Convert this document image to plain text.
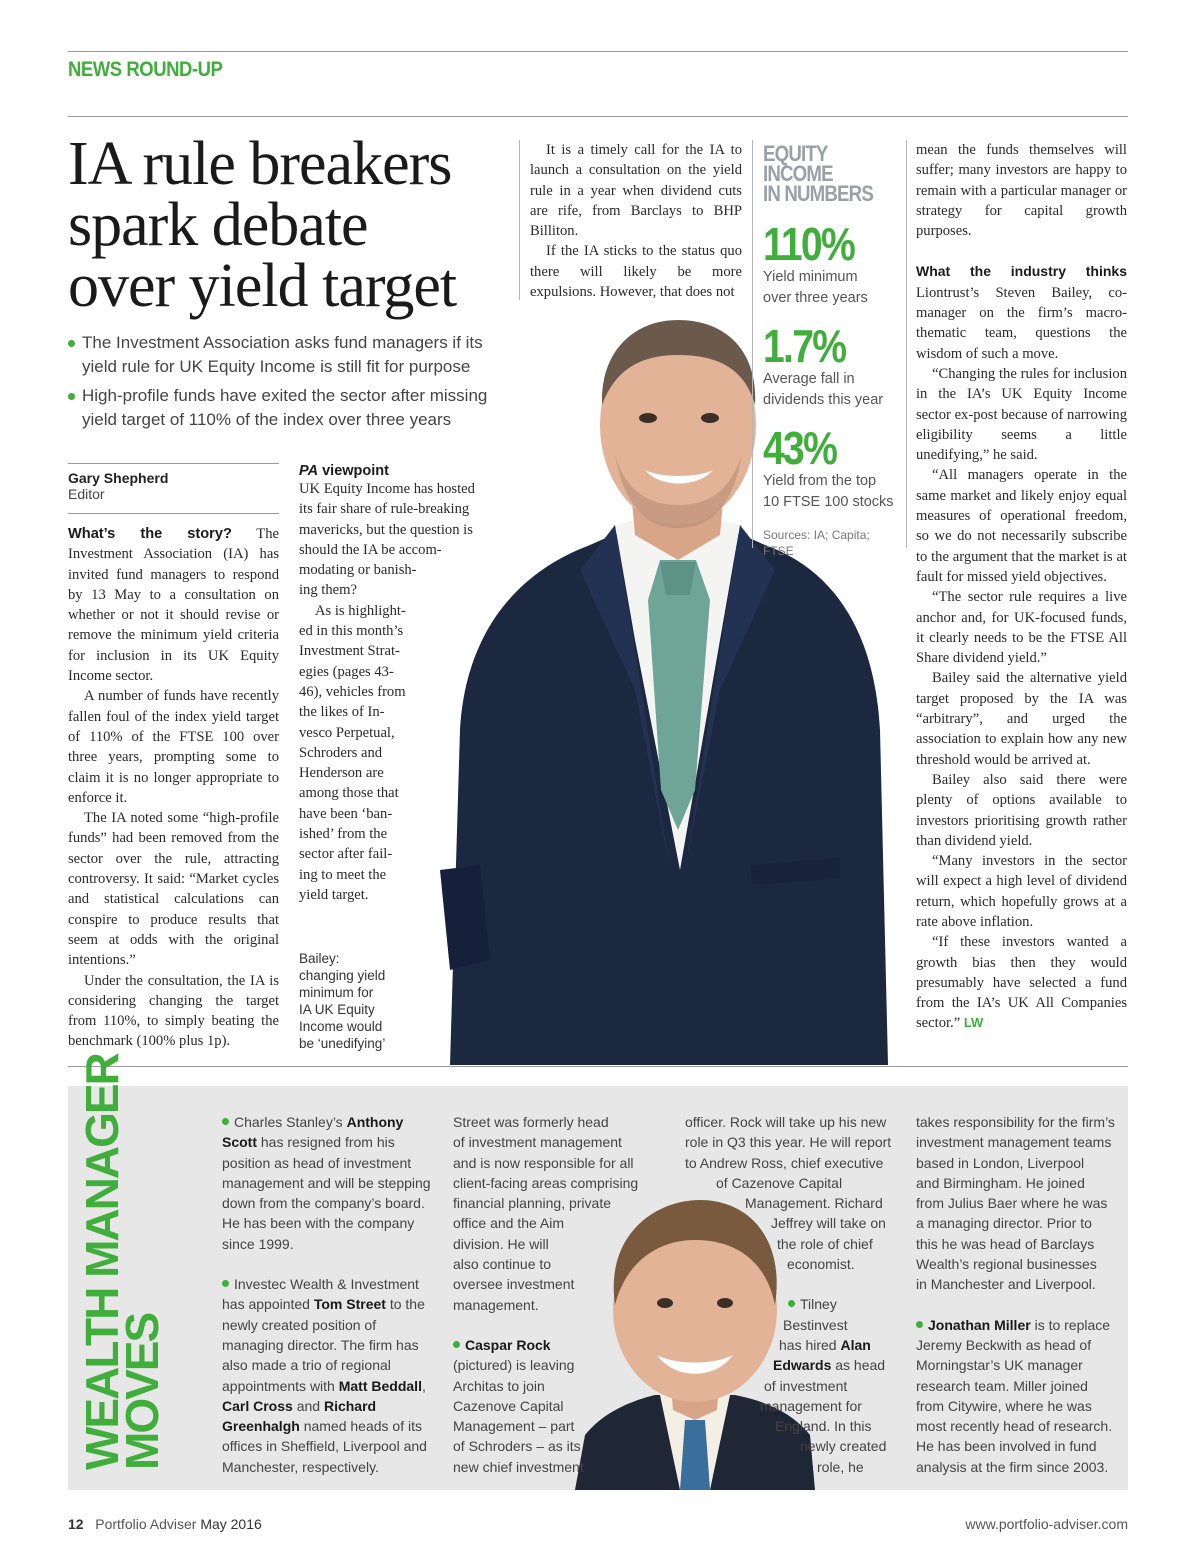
NEWS ROUND-UP
IA rule breakers
spark debate
over yield target
The Investment Association asks fund managers if its yield rule for UK Equity Income is still fit for purpose
High-profile funds have exited the sector after missing yield target of 110% of the index over three years
Gary Shepherd
Editor

What’s the story? The Investment Association (IA) has invited fund managers to respond by 13 May to a consultation on whether or not it should revise or remove the minimum yield criteria for inclusion in its UK Equity Income sector.

A number of funds have recently fallen foul of the index yield target of 110% of the FTSE 100 over three years, prompting some to claim it is no longer appropriate to enforce it.

The IA noted some “high-profile funds” had been removed from the sector over the rule, attracting controversy. It said: “Market cycles and statistical calculations can conspire to produce results that seem at odds with the original intentions.”

Under the consultation, the IA is considering changing the target from 110%, to simply beating the benchmark (100% plus 1p).

PA viewpoint
UK Equity Income has hosted
its fair share of rule-breaking
mavericks, but the question is
should the IA be accom-
modating or banish-
ing them?
As is highlight-
ed in this month’s
Investment Strat-
egies (pages 43-
46), vehicles from
the likes of In-
vesco Perpetual,
Schroders and
Henderson are
among those that
have been ‘ban-
ished’ from the
sector after fail-
ing to meet the
yield target.
Bailey:
changing yield
minimum for
IA UK Equity
Income would
be ‘unedifying’

It is a timely call for the IA to launch a consultation on the yield rule in a year when dividend cuts are rife, from Barclays to BHP Billiton.

If the IA sticks to the status quo there will likely be more expulsions. However, that does not

EQUITY INCOME
IN NUMBERS
110%
Yield minimum
over three years
1.7%
Average fall in
dividends this year
43%
Yield from the top
10 FTSE 100 stocks
Sources: IA; Capita;
FTSE

mean the funds themselves will suffer; many investors are happy to remain with a particular manager or strategy for capital growth purposes.

What the industry thinks Liontrust’s Steven Bailey, co-manager on the firm’s macro-thematic team, questions the wisdom of such a move.

“Changing the rules for inclusion in the IA’s UK Equity Income sector ex-post because of narrowing eligibility seems a little unedifying,” he said.

“All managers operate in the same market and likely enjoy equal measures of operational freedom, so we do not necessarily subscribe to the argument that the market is at fault for missed yield objectives.

“The sector rule requires a live anchor and, for UK-focused funds, it clearly needs to be the FTSE All Share dividend yield.”

Bailey said the alternative yield target proposed by the IA was “arbitrary”, and urged the association to explain how any new threshold would be arrived at.

Bailey also said there were plenty of options available to investors prioritising growth rather than dividend yield.

“Many investors in the sector will expect a high level of dividend return, which hopefully grows at a rate above inflation.

“If these investors wanted a growth bias then they would presumably have selected a fund from the IA’s UK All Companies sector.” LW

WEALTH MANAGER
MOVES
Charles Stanley’s Anthony Scott has resigned from his position as head of investment management and will be stepping down from the company’s board. He has been with the company since 1999.
Investec Wealth & Investment has appointed Tom Street to the newly created position of managing director. The firm has also made a trio of regional appointments with Matt Beddall, Carl Cross and Richard Greenhalgh named heads of its offices in Sheffield, Liverpool and Manchester, respectively.
Street was formerly head
of investment management
and is now responsible for all
client-facing areas comprising
financial planning, private
office and the Aim
division. He will
also continue to
oversee investment
management.
Caspar Rock
(pictured) is leaving
Architas to join
Cazenove Capital
Management – part
of Schroders – as its
new chief investment
officer. Rock will take up his new
role in Q3 this year. He will report
to Andrew Ross, chief executive
of Cazenove Capital
Management. Richard
Jeffrey will take on
the role of chief
economist.
Tilney
Bestinvest
has hired Alan
Edwards as head
of investment
management for
England. In this
newly created
role, he
takes responsibility for the firm’s
investment management teams
based in London, Liverpool
and Birmingham. He joined
from Julius Baer where he was
a managing director. Prior to
this he was head of Barclays
Wealth’s regional businesses
in Manchester and Liverpool.
Jonathan Miller is to replace
Jeremy Beckwith as head of
Morningstar’s UK manager
research team. Miller joined
from Citywire, where he was
most recently head of research.
He has been involved in fund
analysis at the firm since 2003.
12 Portfolio Adviser May 2016	www.portfolio-adviser.com
